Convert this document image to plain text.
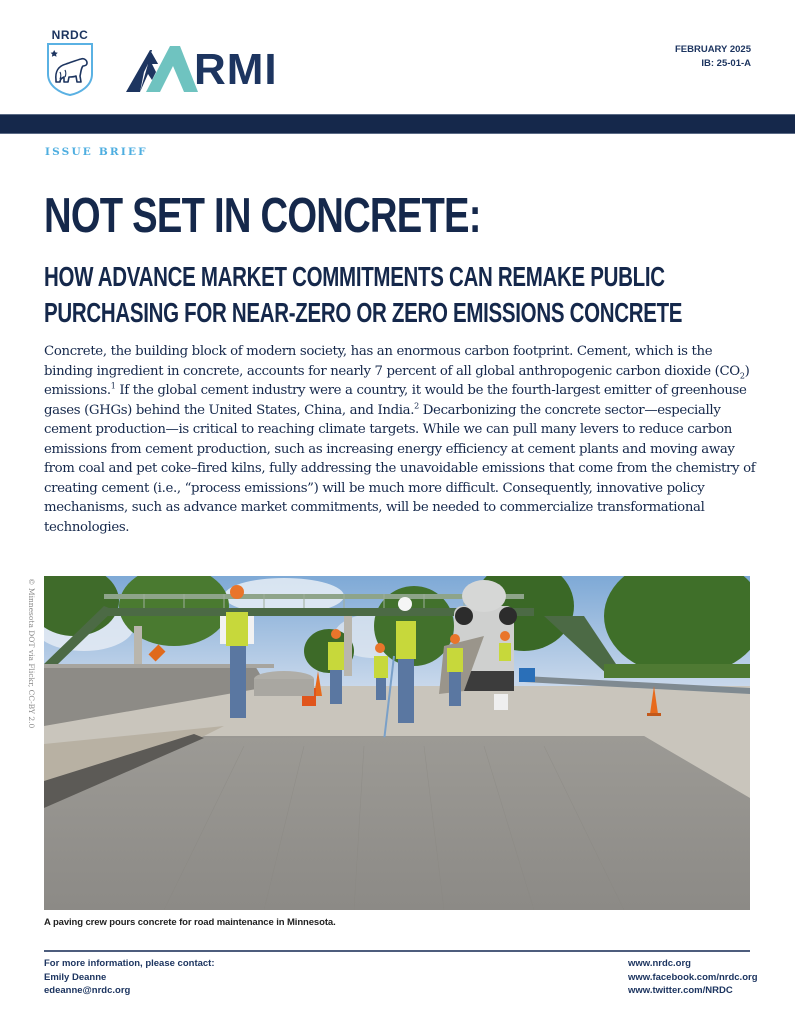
NRDC
RMI	FEBRUARY 2025
IB: 25-01-A
ISSUE BRIEF
NOT SET IN CONCRETE:
HOW ADVANCE MARKET COMMITMENTS CAN REMAKE PUBLIC
PURCHASING FOR NEAR-ZERO OR ZERO EMISSIONS CONCRETE

Concrete, the building block of modern society, has an enormous carbon footprint. Cement, which is the binding ingredient in concrete, accounts for nearly 7 percent of all global anthropogenic carbon dioxide $(CO_2)$ emissions.$^1$ If the global cement industry were a country, it would be the fourth-largest emitter of greenhouse gases (GHGs) behind the United States, China, and India.$^2$ Decarbonizing the concrete sector—especially cement production—is critical to reaching climate targets. While we can pull many levers to reduce carbon emissions from cement production, such as increasing energy efficiency at cement plants and moving away from coal and pet coke–fired kilns, fully addressing the unavoidable emissions that come from the chemistry of creating cement (i.e., “process emissions”) will be much more difficult. Consequently, innovative policy mechanisms, such as advance market commitments, will be needed to commercialize transformational technologies.

© Minnesota DOT via Flickr, CC-BY 2.0
A paving crew pours concrete for road maintenance in Minnesota.
For more information, please contact:
Emily Deanne
edeanne@nrdc.org
www.nrdc.org
www.facebook.com/nrdc.org
www.twitter.com/NRDC
